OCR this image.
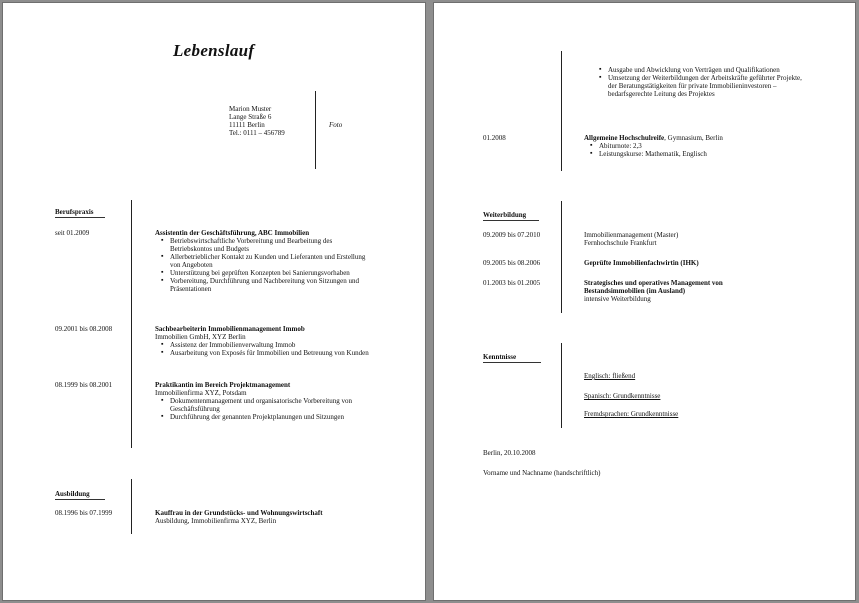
Lebenslauf
Marion Muster
Lange Straße 6
11111 Berlin
Tel.: 0111 – 456789
Foto
Berufspraxis
seit 01.2009	Assistentin der Geschäftsführung, ABC Immobilien
▪ Betriebswirtschaftliche Vorbereitung und Bearbeitung des Betriebskontos und Budgets
▪ Allerbetrieblicher Kontakt zu Kunden und Lieferanten und Erstellung von Angeboten
▪ Unterstützung bei geprüften Konzepten bei Sanierungsvorhaben
▪ Vorbereitung, Durchführung und Nachbereitung von Sitzungen und Präsentationen
09.2001 bis 08.2008	Sachbearbeiterin Immobilienmanagement Immob
Immobilien GmbH, XYZ Berlin
▪ Assistenz der Immobilienverwaltung Immob
▪ Ausarbeitung von Exposés für Immobilien und Betreuung von Kunden
08.1999 bis 08.2001	Praktikantin im Bereich Projektmanagement
Immobilienfirma XYZ, Potsdam
▪ Dokumentenmanagement und organisatorische Vorbereitung von Geschäftsführung
▪ Durchführung der genannten Projektplanungen und Sitzungen
Ausbildung
08.1996 bis 07.1999	Kauffrau in der Grundstücks- und Wohnungswirtschaft
Ausbildung, Immobilienfirma XYZ, Berlin
▪ Ausgabe und Abwicklung von Verträgen und Qualifikationen
▪ Umsetzung der Weiterbildungen der Arbeitskräfte geführter Projekte, der Beratungstätigkeiten für private Immobilieninvestoren – bedarfsgerechte Leitung des Projektes
01.2008	Allgemeine Hochschulreife, Gymnasium, Berlin
▪ Abiturnote: 2,3
▪ Leistungskurse: Mathematik, Englisch
Weiterbildung
09.2009 bis 07.2010	Immobilienmanagement (Master)
Fernhochschule Frankfurt
09.2005 bis 08.2006	Geprüfte Immobilienfachwirtin (IHK)
01.2003 bis 01.2005	Strategisches und operatives Management von Bestandsimmobilien (im Ausland)
intensive Weiterbildung
Kenntnisse
Englisch: fließend
Spanisch: Grundkenntnisse
Fremdsprachen: Grundkenntnisse
Berlin, 20.10.2008
Vorname und Nachname (handschriftlich)
